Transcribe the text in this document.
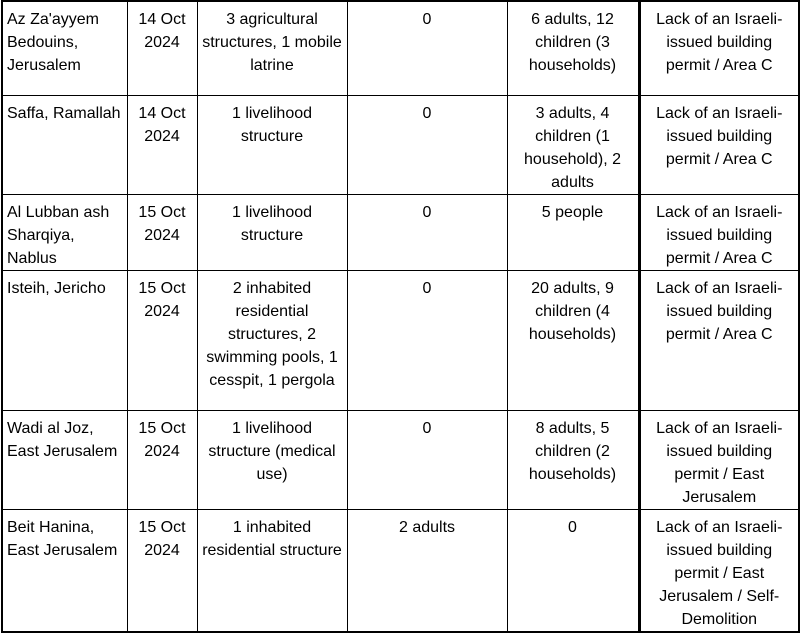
Az Za'ayyem Bedouins, Jerusalem	14 Oct 2024	3 agricultural structures, 1 mobile latrine	0	6 adults, 12 children (3 households)	Lack of an Israeli-issued building permit / Area C
Saffa, Ramallah	14 Oct 2024	1 livelihood structure	0	3 adults, 4 children (1 household), 2 adults	Lack of an Israeli-issued building permit / Area C
Al Lubban ash Sharqiya, Nablus	15 Oct 2024	1 livelihood structure	0	5 people	Lack of an Israeli-issued building permit / Area C
Isteih, Jericho	15 Oct 2024	2 inhabited residential structures, 2 swimming pools, 1 cesspit, 1 pergola	0	20 adults, 9 children (4 households)	Lack of an Israeli-issued building permit / Area C
Wadi al Joz, East Jerusalem	15 Oct 2024	1 livelihood structure (medical use)	0	8 adults, 5 children (2 households)	Lack of an Israeli-issued building permit / East Jerusalem
Beit Hanina, East Jerusalem	15 Oct 2024	1 inhabited residential structure	2 adults	0	Lack of an Israeli-issued building permit / East Jerusalem / Self-Demolition
